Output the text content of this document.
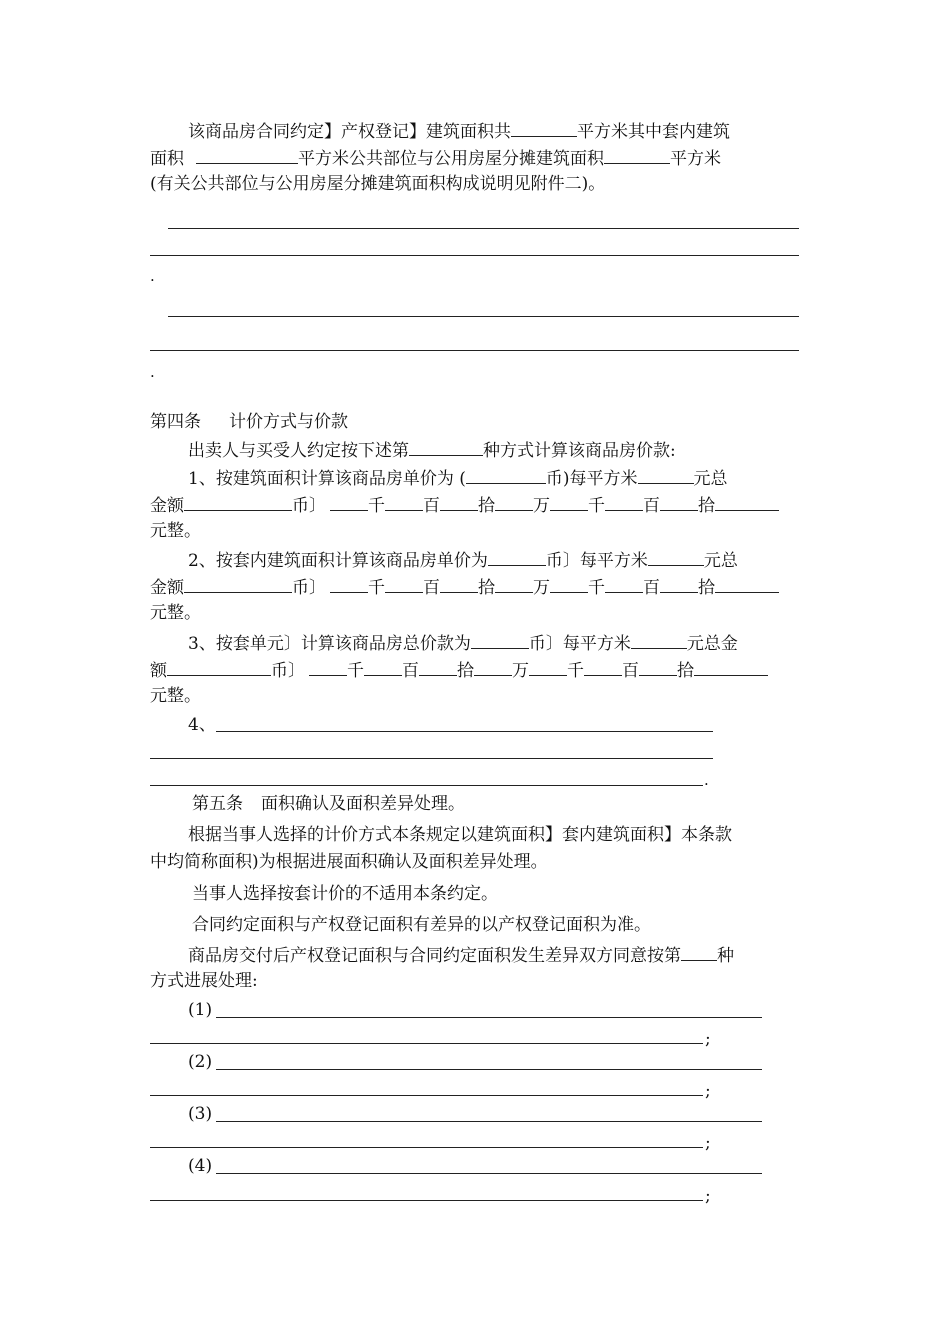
该商品房合同约定】产权登记】建筑面积共	平方米其中套内建筑
面积	平方米公共部位与公用房屋分摊建筑面积	平方米
(有关公共部位与公用房屋分摊建筑面积构成说明见附件二)。
.
.
第四条 计价方式与价款
出卖人与买受人约定按下述第	种方式计算该商品房价款:
1、按建筑面积计算该商品房单价为 (	币)每平方米	元总
金额	币〕 千 百 拾 万 千 百 拾
元整。
2、按套内建筑面积计算该商品房单价为	币〕每平方米	元总
金额	币〕 千 百 拾 万 千 百 拾
元整。
3、按套单元〕计算该商品房总价款为	币〕每平方米	元总金
额	币〕 千 百 拾 万 千 百 拾
元整。
4、
.
第五条 面积确认及面积差异处理。
根据当事人选择的计价方式本条规定以建筑面积】套内建筑面积】本条款
中均简称面积)为根据进展面积确认及面积差异处理。
当事人选择按套计价的不适用本条约定。
合同约定面积与产权登记面积有差异的以产权登记面积为准。
商品房交付后产权登记面积与合同约定面积发生差异双方同意按第 种
方式进展处理:
(1)
;
(2)
;
(3)
;
(4)
;
